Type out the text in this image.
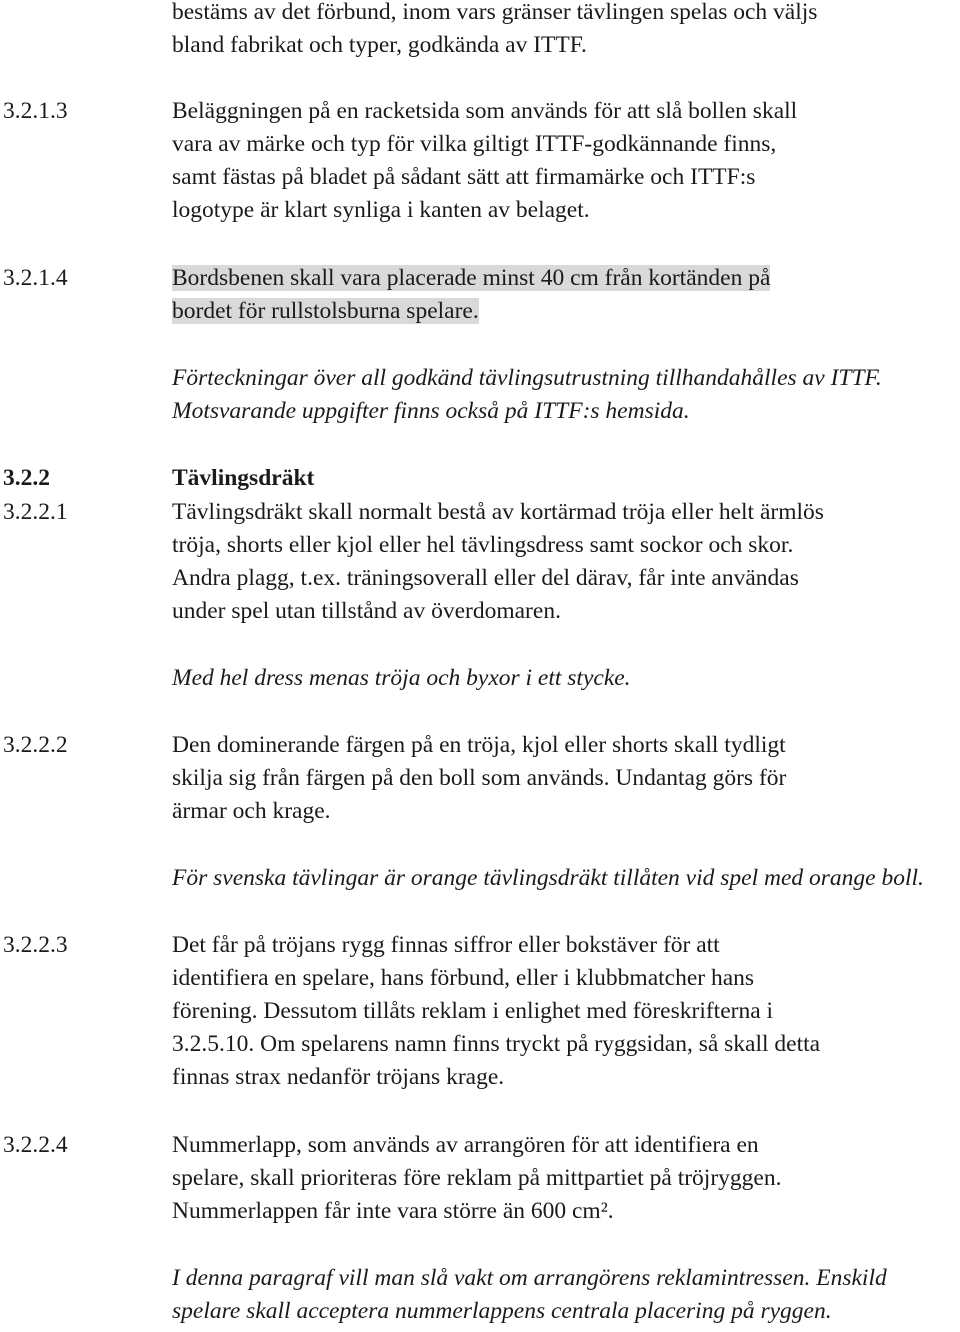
bestäms av det förbund, inom vars gränser tävlingen spelas och väljs
bland fabrikat och typer, godkända av ITTF.
3.2.1.3	Beläggningen på en racketsida som används för att slå bollen skall
vara av märke och typ för vilka giltigt ITTF-godkännande finns,
samt fästas på bladet på sådant sätt att firmamärke och ITTF:s
logotype är klart synliga i kanten av belaget.
3.2.1.4	Bordsbenen skall vara placerade minst 40 cm från kortänden på
bordet för rullstolsburna spelare.
Förteckningar över all godkänd tävlingsutrustning tillhandahålles av ITTF.
Motsvarande uppgifter finns också på ITTF:s hemsida.
3.2.2	Tävlingsdräkt
3.2.2.1	Tävlingsdräkt skall normalt bestå av kortärmad tröja eller helt ärmlös
tröja, shorts eller kjol eller hel tävlingsdress samt sockor och skor.
Andra plagg, t.ex. träningsoverall eller del därav, får inte användas
under spel utan tillstånd av överdomaren.
Med hel dress menas tröja och byxor i ett stycke.
3.2.2.2	Den dominerande färgen på en tröja, kjol eller shorts skall tydligt
skilja sig från färgen på den boll som används. Undantag görs för
ärmar och krage.
För svenska tävlingar är orange tävlingsdräkt tillåten vid spel med orange boll.
3.2.2.3	Det får på tröjans rygg finnas siffror eller bokstäver för att
identifiera en spelare, hans förbund, eller i klubbmatcher hans
förening. Dessutom tillåts reklam i enlighet med föreskrifterna i
3.2.5.10. Om spelarens namn finns tryckt på ryggsidan, så skall detta
finnas strax nedanför tröjans krage.
3.2.2.4	Nummerlapp, som används av arrangören för att identifiera en
spelare, skall prioriteras före reklam på mittpartiet på tröjryggen.
Nummerlappen får inte vara större än 600 cm².
I denna paragraf vill man slå vakt om arrangörens reklamintressen. Enskild
spelare skall acceptera nummerlappens centrala placering på ryggen.
